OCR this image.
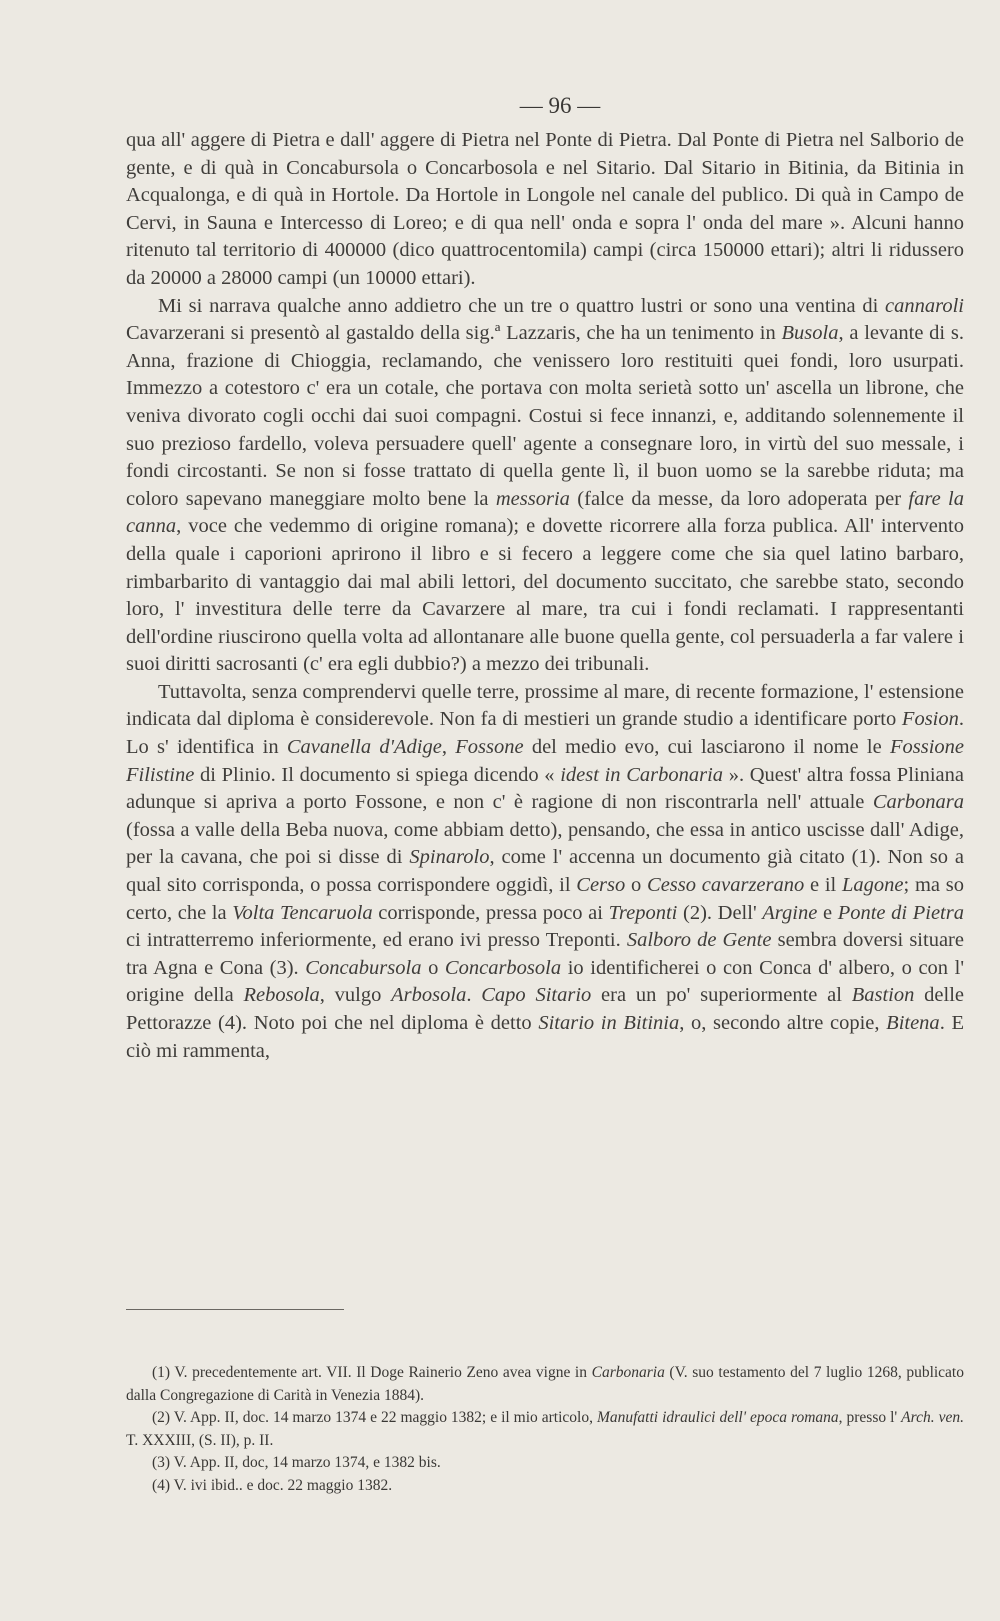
— 96 —

qua all' aggere di Pietra e dall' aggere di Pietra nel Ponte di Pietra. Dal Ponte di Pietra nel Salborio de gente, e di quà in Concabursola o Concarbosola e nel Sitario. Dal Sitario in Bitinia, da Bitinia in Acqualonga, e di quà in Hortole. Da Hortole in Longole nel canale del publico. Di quà in Campo de Cervi, in Sauna e Intercesso di Loreo; e di qua nell' onda e sopra l' onda del mare ». Alcuni hanno ritenuto tal territorio di 400000 (dico quattrocentomila) campi (circa 150000 ettari); altri li ridussero da 20000 a 28000 campi (un 10000 ettari).

Mi si narrava qualche anno addietro che un tre o quattro lustri or sono una ventina di cannaroli Cavarzerani si presentò al gastaldo della sig.ª Lazzaris, che ha un tenimento in Busola, a levante di s. Anna, frazione di Chioggia, reclamando, che venissero loro restituiti quei fondi, loro usurpati. Immezzo a cotestoro c' era un cotale, che portava con molta serietà sotto un' ascella un librone, che veniva divorato cogli occhi dai suoi compagni. Costui si fece innanzi, e, additando solennemente il suo prezioso fardello, voleva persuadere quell' agente a consegnare loro, in virtù del suo messale, i fondi circostanti. Se non si fosse trattato di quella gente lì, il buon uomo se la sarebbe riduta; ma coloro sapevano maneggiare molto bene la messoria (falce da messe, da loro adoperata per fare la canna, voce che vedemmo di origine romana); e dovette ricorrere alla forza publica. All' intervento della quale i caporioni aprirono il libro e si fecero a leggere come che sia quel latino barbaro, rimbarbarito di vantaggio dai mal abili lettori, del documento succitato, che sarebbe stato, secondo loro, l' investitura delle terre da Cavarzere al mare, tra cui i fondi reclamati. I rappresentanti dell'ordine riuscirono quella volta ad allontanare alle buone quella gente, col persuaderla a far valere i suoi diritti sacrosanti (c' era egli dubbio?) a mezzo dei tribunali.

Tuttavolta, senza comprendervi quelle terre, prossime al mare, di recente formazione, l' estensione indicata dal diploma è considerevole. Non fa di mestieri un grande studio a identificare porto Fosion. Lo s' identifica in Cavanella d'Adige, Fossone del medio evo, cui lasciarono il nome le Fossione Filistine di Plinio. Il documento si spiega dicendo « idest in Carbonaria ». Quest' altra fossa Pliniana adunque si apriva a porto Fossone, e non c' è ragione di non riscontrarla nell' attuale Carbonara (fossa a valle della Beba nuova, come abbiam detto), pensando, che essa in antico uscisse dall' Adige, per la cavana, che poi si disse di Spinarolo, come l' accenna un documento già citato (1). Non so a qual sito corrisponda, o possa corrispondere oggidì, il Cerso o Cesso cavarzerano e il Lagone; ma so certo, che la Volta Tencaruola corrisponde, pressa poco ai Treponti (2). Dell' Argine e Ponte di Pietra ci intratterremo inferiormente, ed erano ivi presso Treponti. Salboro de Gente sembra doversi situare tra Agna e Cona (3). Concabursola o Concarbosola io identificherei o con Conca d' albero, o con l' origine della Rebosola, vulgo Arbosola. Capo Sitario era un po' superiormente al Bastion delle Pettorazze (4). Noto poi che nel diploma è detto Sitario in Bitinia, o, secondo altre copie, Bitena. E ciò mi rammenta,

(1) V. precedentemente art. VII. Il Doge Rainerio Zeno avea vigne in Carbonaria (V. suo testamento del 7 luglio 1268, publicato dalla Congregazione di Carità in Venezia 1884).

(2) V. App. II, doc. 14 marzo 1374 e 22 maggio 1382; e il mio articolo, Manufatti idraulici dell' epoca romana, presso l' Arch. ven. T. XXXIII, (S. II), p. II.

(3) V. App. II, doc, 14 marzo 1374, e 1382 bis.

(4) V. ivi ibid.. e doc. 22 maggio 1382.
